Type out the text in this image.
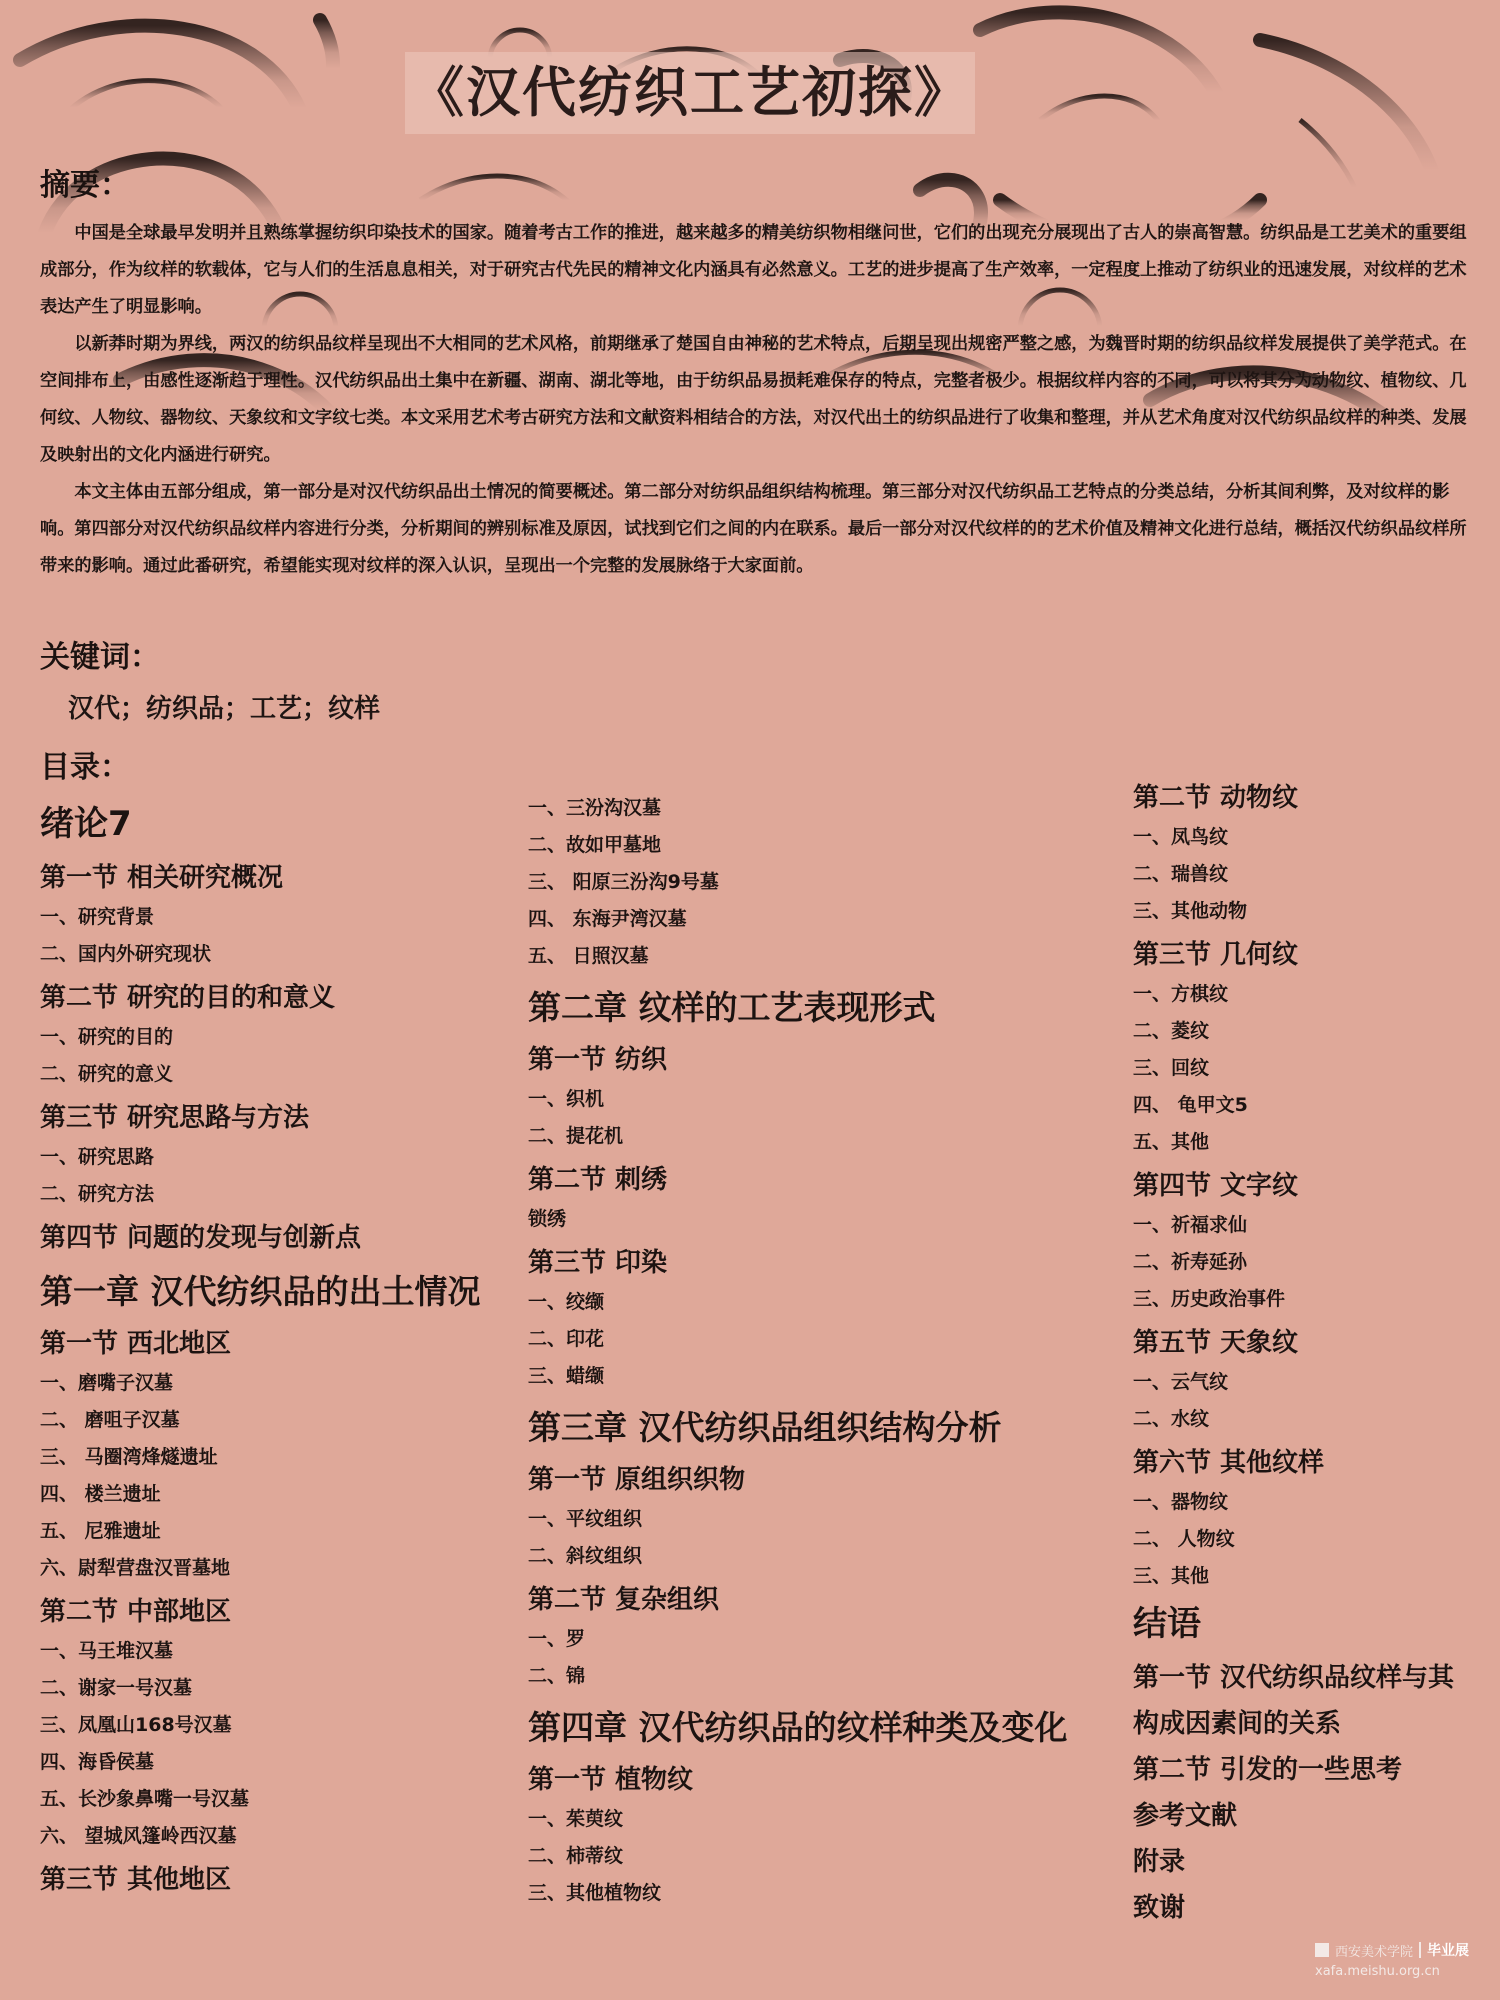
《汉代纺织工艺初探》
摘要：

中国是全球最早发明并且熟练掌握纺织印染技术的国家。随着考古工作的推进，越来越多的精美纺织物相继问世，它们的出现充分展现出了古人的崇高智慧。纺织品是工艺美术的重要组成部分，作为纹样的软载体，它与人们的生活息息相关，对于研究古代先民的精神文化内涵具有必然意义。工艺的进步提高了生产效率，一定程度上推动了纺织业的迅速发展，对纹样的艺术表达产生了明显影响。

以新莽时期为界线，两汉的纺织品纹样呈现出不大相同的艺术风格，前期继承了楚国自由神秘的艺术特点，后期呈现出规密严整之感，为魏晋时期的纺织品纹样发展提供了美学范式。在空间排布上，由感性逐渐趋于理性。汉代纺织品出土集中在新疆、湖南、湖北等地，由于纺织品易损耗难保存的特点，完整者极少。根据纹样内容的不同，可以将其分为动物纹、植物纹、几何纹、人物纹、器物纹、天象纹和文字纹七类。本文采用艺术考古研究方法和文献资料相结合的方法，对汉代出土的纺织品进行了收集和整理，并从艺术角度对汉代纺织品纹样的种类、发展及映射出的文化内涵进行研究。

本文主体由五部分组成，第一部分是对汉代纺织品出土情况的简要概述。第二部分对纺织品组织结构梳理。第三部分对汉代纺织品工艺特点的分类总结，分析其间利弊，及对纹样的影响。第四部分对汉代纺织品纹样内容进行分类，分析期间的辨别标准及原因，试找到它们之间的内在联系。最后一部分对汉代纹样的的艺术价值及精神文化进行总结，概括汉代纺织品纹样所带来的影响。通过此番研究，希望能实现对纹样的深入认识，呈现出一个完整的发展脉络于大家面前。

关键词：
汉代；纺织品；工艺；纹样
目录：
绪论7
第一节 相关研究概况
一、研究背景
二、国内外研究现状
第二节 研究的目的和意义
一、研究的目的
二、研究的意义
第三节 研究思路与方法
一、研究思路
二、研究方法
第四节 问题的发现与创新点
第一章 汉代纺织品的出土情况
第一节 西北地区
一、磨嘴子汉墓
二、 磨咀子汉墓
三、 马圈湾烽燧遗址
四、 楼兰遗址
五、 尼雅遗址
六、尉犁营盘汉晋墓地
第二节 中部地区
一、马王堆汉墓
二、谢家一号汉墓
三、凤凰山168号汉墓
四、海昏侯墓
五、长沙象鼻嘴一号汉墓
六、 望城风篷岭西汉墓
第三节 其他地区
一、三汾沟汉墓
二、故如甲墓地
三、 阳原三汾沟9号墓
四、 东海尹湾汉墓
五、 日照汉墓
第二章 纹样的工艺表现形式
第一节 纺织
一、织机
二、提花机
第二节 刺绣
锁绣
第三节 印染
一、绞缬
二、印花
三、蜡缬
第三章 汉代纺织品组织结构分析
第一节 原组织织物
一、平纹组织
二、斜纹组织
第二节 复杂组织
一、罗
二、锦
第四章 汉代纺织品的纹样种类及变化
第一节 植物纹
一、茱萸纹
二、柿蒂纹
三、其他植物纹
第二节 动物纹
一、凤鸟纹
二、瑞兽纹
三、其他动物
第三节 几何纹
一、方棋纹
二、菱纹
三、回纹
四、 龟甲文5
五、其他
第四节 文字纹
一、祈福求仙
二、祈寿延孙
三、历史政治事件
第五节 天象纹
一、云气纹
二、水纹
第六节 其他纹样
一、器物纹
二、 人物纹
三、其他
结语
第一节 汉代纺织品纹样与其
构成因素间的关系
第二节 引发的一些思考
参考文献
附录
致谢
西安美术学院 毕业展
xafa.meishu.org.cn
